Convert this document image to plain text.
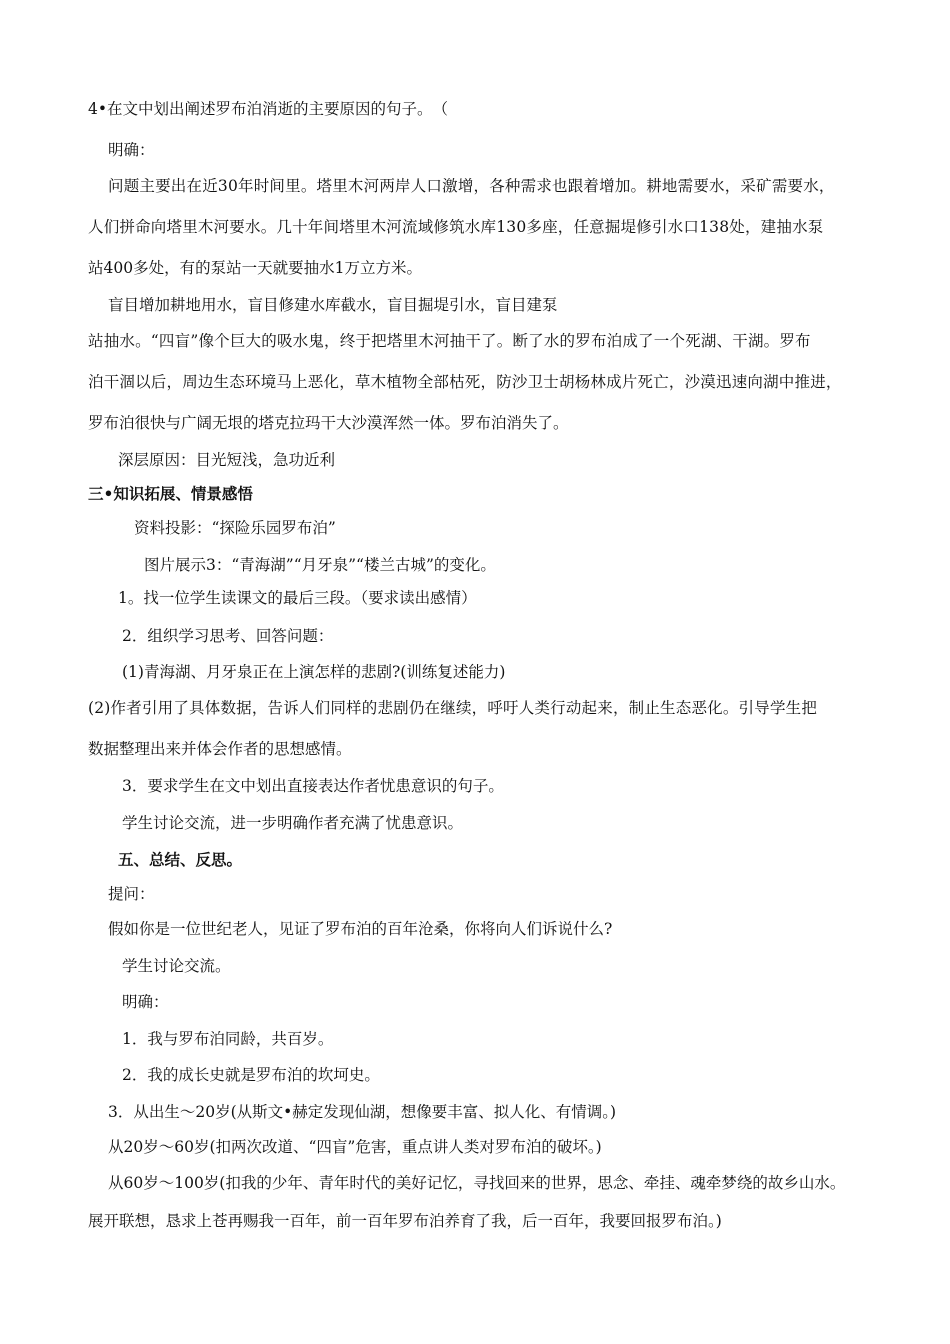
4•在文中划出阐述罗布泊消逝的主要原因的句子。　（
明确：
问题主要出在近30年时间里。塔里木河两岸人口激增，各种需求也跟着增加。耕地需要水，采矿需要水，
人们拼命向塔里木河要水。几十年间塔里木河流域修筑水库130多座，任意掘堤修引水口138处，建抽水泵
站400多处，有的泵站一天就要抽水1万立方米。
盲目增加耕地用水，盲目修建水库截水，盲目掘堤引水，盲目建泵
站抽水。“四盲”像个巨大的吸水鬼，终于把塔里木河抽干了。断了水的罗布泊成了一个死湖、干湖。罗布
泊干涸以后，周边生态环境马上恶化，草木植物全部枯死，防沙卫士胡杨林成片死亡，沙漠迅速向湖中推进，
罗布泊很快与广阔无垠的塔克拉玛干大沙漠浑然一体。罗布泊消失了。
深层原因：目光短浅，急功近利
三•知识拓展、情景感悟
资料投影：“探险乐园罗布泊”
图片展示3：“青海湖”“月牙泉”“楼兰古城”的变化。
1。找一位学生读课文的最后三段。（要求读出感情）
2．组织学习思考、回答问题：
(1)青海湖、月牙泉正在上演怎样的悲剧?(训练复述能力)
(2)作者引用了具体数据，告诉人们同样的悲剧仍在继续，呼吁人类行动起来，制止生态恶化。引导学生把
数据整理出来并体会作者的思想感情。
3．要求学生在文中划出直接表达作者忧患意识的句子。
学生讨论交流，进一步明确作者充满了忧患意识。
五、总结、反思。
提问：
假如你是一位世纪老人，见证了罗布泊的百年沧桑，你将向人们诉说什么?
学生讨论交流。
明确：
1．我与罗布泊同龄，共百岁。
2．我的成长史就是罗布泊的坎坷史。
3．从出生～20岁(从斯文•赫定发现仙湖，想像要丰富、拟人化、有情调。)
从20岁～60岁(扣两次改道、“四盲”危害，重点讲人类对罗布泊的破坏。)
从60岁～100岁(扣我的少年、青年时代的美好记忆，寻找回来的世界，思念、牵挂、魂牵梦绕的故乡山水。
展开联想，恳求上苍再赐我一百年，前一百年罗布泊养育了我，后一百年，我要回报罗布泊。)
